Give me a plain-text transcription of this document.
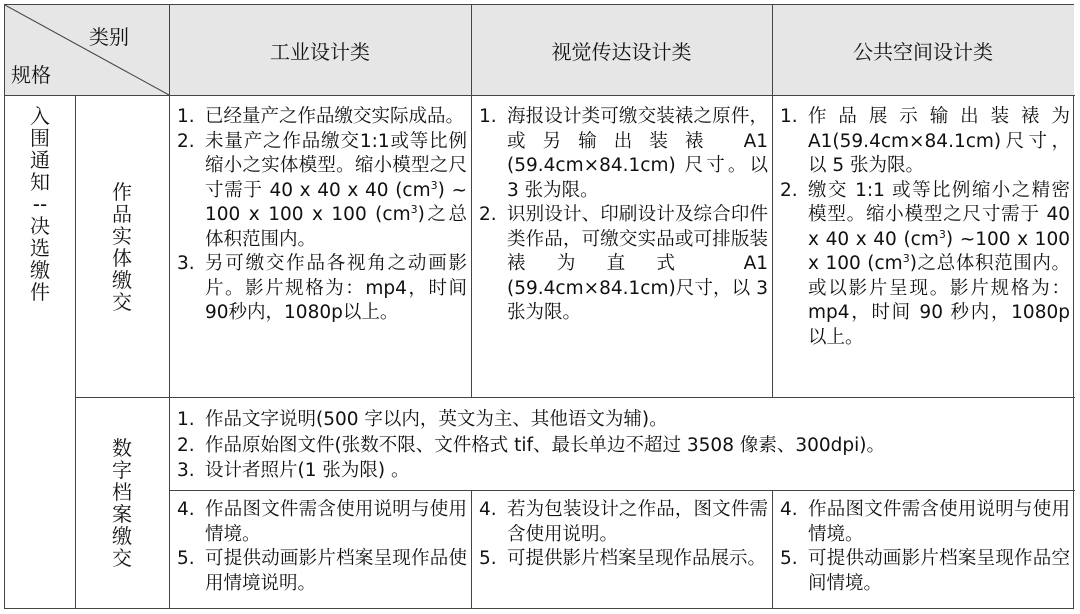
类别
规格
工业设计类	视觉传达设计类	公共空间设计类
入
围
通
知
--
决
选
缴
件
作
品
实
体
缴
交
数
字
档
案
缴
交
1. 已经量产之作品缴交实际成品。
2. 未量产之作品缴交1:1或等比例缩小之实体模型。缩小模型之尺寸需于 40 x 40 x 40 $(cm^3)$ ~ 100 x 100 x 100 $(cm^3)$之总体积范围内。
3. 另可缴交作品各视角之动画影片。影片规格为：mp4，时间90秒内，1080p以上。
1. 海报设计类可缴交装裱之原件，或另输出装裱 A1 (59.4cm×84.1cm) 尺寸。以 3 张为限。
2. 识别设计、印刷设计及综合印件类作品，可缴交实品或可排版装裱为直式 A1 (59.4cm×84.1cm)尺寸，以 3 张为限。
1. 作品展示输出装裱为 A1(59.4cm×84.1cm)尺寸，以 5 张为限。
2. 缴交 1:1 或等比例缩小之精密模型。缩小模型之尺寸需于 40 x 40 x 40 $(cm^3)$ ~100 x 100 x 100 $(cm^3)$之总体积范围内。或以影片呈现。影片规格为：mp4，时间 90 秒内，1080p 以上。
1. 作品文字说明(500 字以内，英文为主、其他语文为辅)。
2. 作品原始图文件(张数不限、文件格式 tif、最长单边不超过 3508 像素、300dpi)。
3. 设计者照片(1 张为限) 。
4. 作品图文件需含使用说明与使用情境。
5. 可提供动画影片档案呈现作品使用情境说明。
4. 若为包装设计之作品，图文件需含使用说明。
5. 可提供影片档案呈现作品展示。
4. 作品图文件需含使用说明与使用情境。
5. 可提供动画影片档案呈现作品空间情境。
